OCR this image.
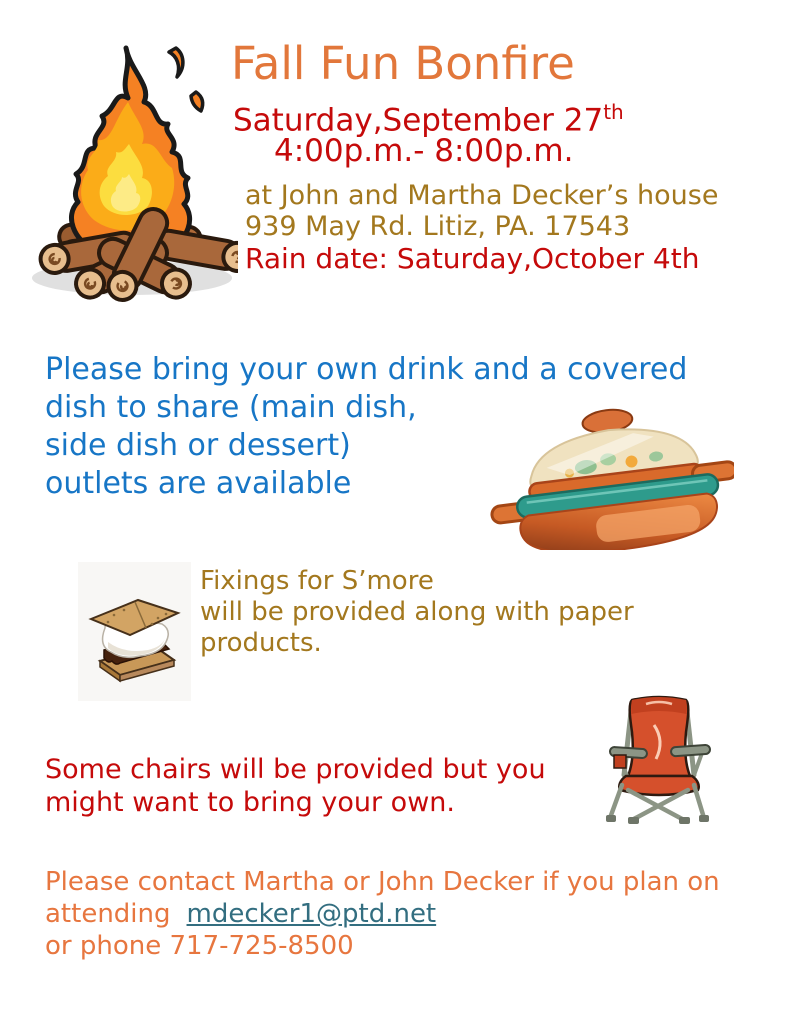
Fall Fun Bonfire
Saturday,September 27th
4:00p.m.- 8:00p.m.
at John and Martha Decker’s house
939 May Rd. Litiz, PA. 17543
Rain date: Saturday,October 4th
Please bring your own drink and a covered
dish to share (main dish,
side dish or dessert)
outlets are available
Fixings for S’more
will be provided along with paper
products.
Some chairs will be provided but you
might want to bring your own.
Please contact Martha or John Decker if you plan on
attending mdecker1@ptd.net
or phone 717-725-8500
